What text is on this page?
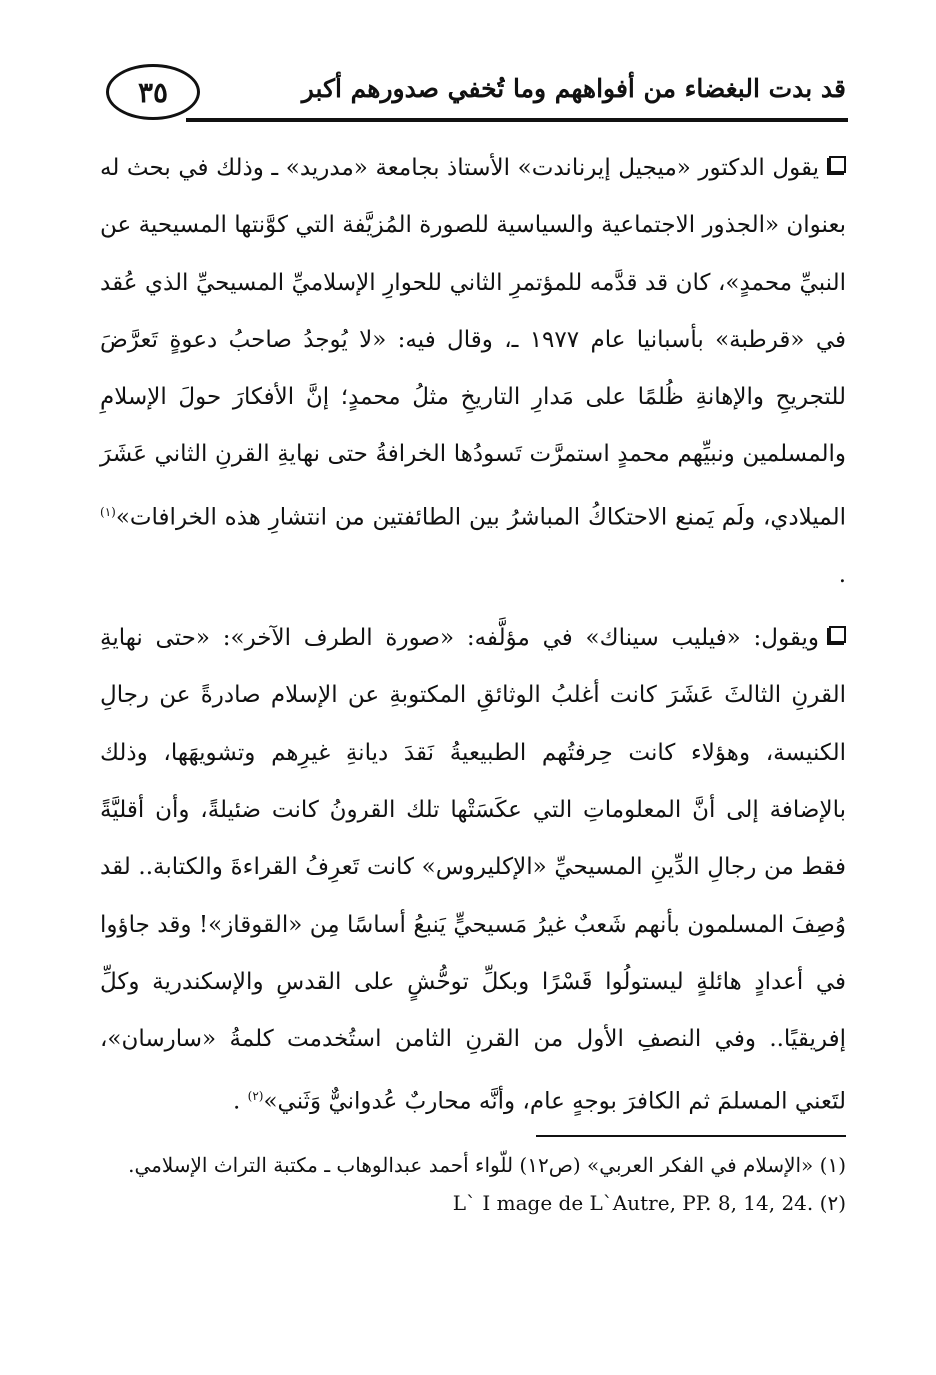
قد بدت البغضاء من أفواههم وما تُخفي صدورهم أكبر
٣٥

يقول الدكتور «ميجيل إيرناندت» الأستاذ بجامعة «مدريد» ـ وذلك في بحث له بعنوان «الجذور الاجتماعية والسياسية للصورة المُزيَّفة التي كوَّنتها المسيحية عن النبيِّ محمدٍ»، كان قد قدَّمه للمؤتمرِ الثاني للحوارِ الإسلاميِّ المسيحيِّ الذي عُقد في «قرطبة» بأسبانيا عام ١٩٧٧ ـ، وقال فيه: «لا يُوجدُ صاحبُ دعوةٍ تَعرَّضَ للتجريحِ والإهانةِ ظُلمًا على مَدارِ التاريخِ مثلُ محمدٍ؛ إنَّ الأفكارَ حولَ الإسلامِ والمسلمين ونبيِّهم محمدٍ استمرَّت تَسودُها الخرافةُ حتى نهايةِ القرنِ الثاني عَشَرَ الميلادي، ولَم يَمنع الاحتكاكُ المباشرُ بين الطائفتين من انتشارِ هذه الخرافات»$^{(١)}$ .

ويقول: «فيليب سيناك» في مؤلَّفه: «صورة الطرف الآخر»: «حتى نهايةِ القرنِ الثالثَ عَشَرَ كانت أغلبُ الوثائقِ المكتوبةِ عن الإسلام صادرةً عن رجالِ الكنيسة، وهؤلاء كانت حِرفتُهم الطبيعيةُ نَقدَ ديانةِ غيرِهم وتشويهَها، وذلك بالإضافة إلى أنَّ المعلوماتِ التي عكَسَتْها تلك القرونُ كانت ضئيلةً، وأن أقليَّةً فقط من رجالِ الدِّينِ المسيحيِّ «الإكليروس» كانت تَعرِفُ القراءةَ والكتابة.. لقد وُصِفَ المسلمون بأنهم شَعبٌ غيرُ مَسيحيٍّ يَنبعُ أساسًا مِن «القوقاز»! وقد جاؤوا في أعدادٍ هائلةٍ ليستولُوا قَسْرًا وبكلِّ توحُّشٍ على القدسِ والإسكندرية وكلِّ إفريقيًا.. وفي النصفِ الأول من القرنِ الثامن استُخدمت كلمةُ «سارسان»، لتَعني المسلمَ ثم الكافرَ بوجهٍ عام، وأنَّه محاربٌ عُدوانيٌّ وَثَني»$^{(٢)}$ .

(١) «الإسلام في الفكر العربي» (ص١٢) للّواء أحمد عبدالوهاب ـ مكتبة التراث الإسلامي.

L` I mage de L`Autre, PP. 8, 14, 24. (٢)
